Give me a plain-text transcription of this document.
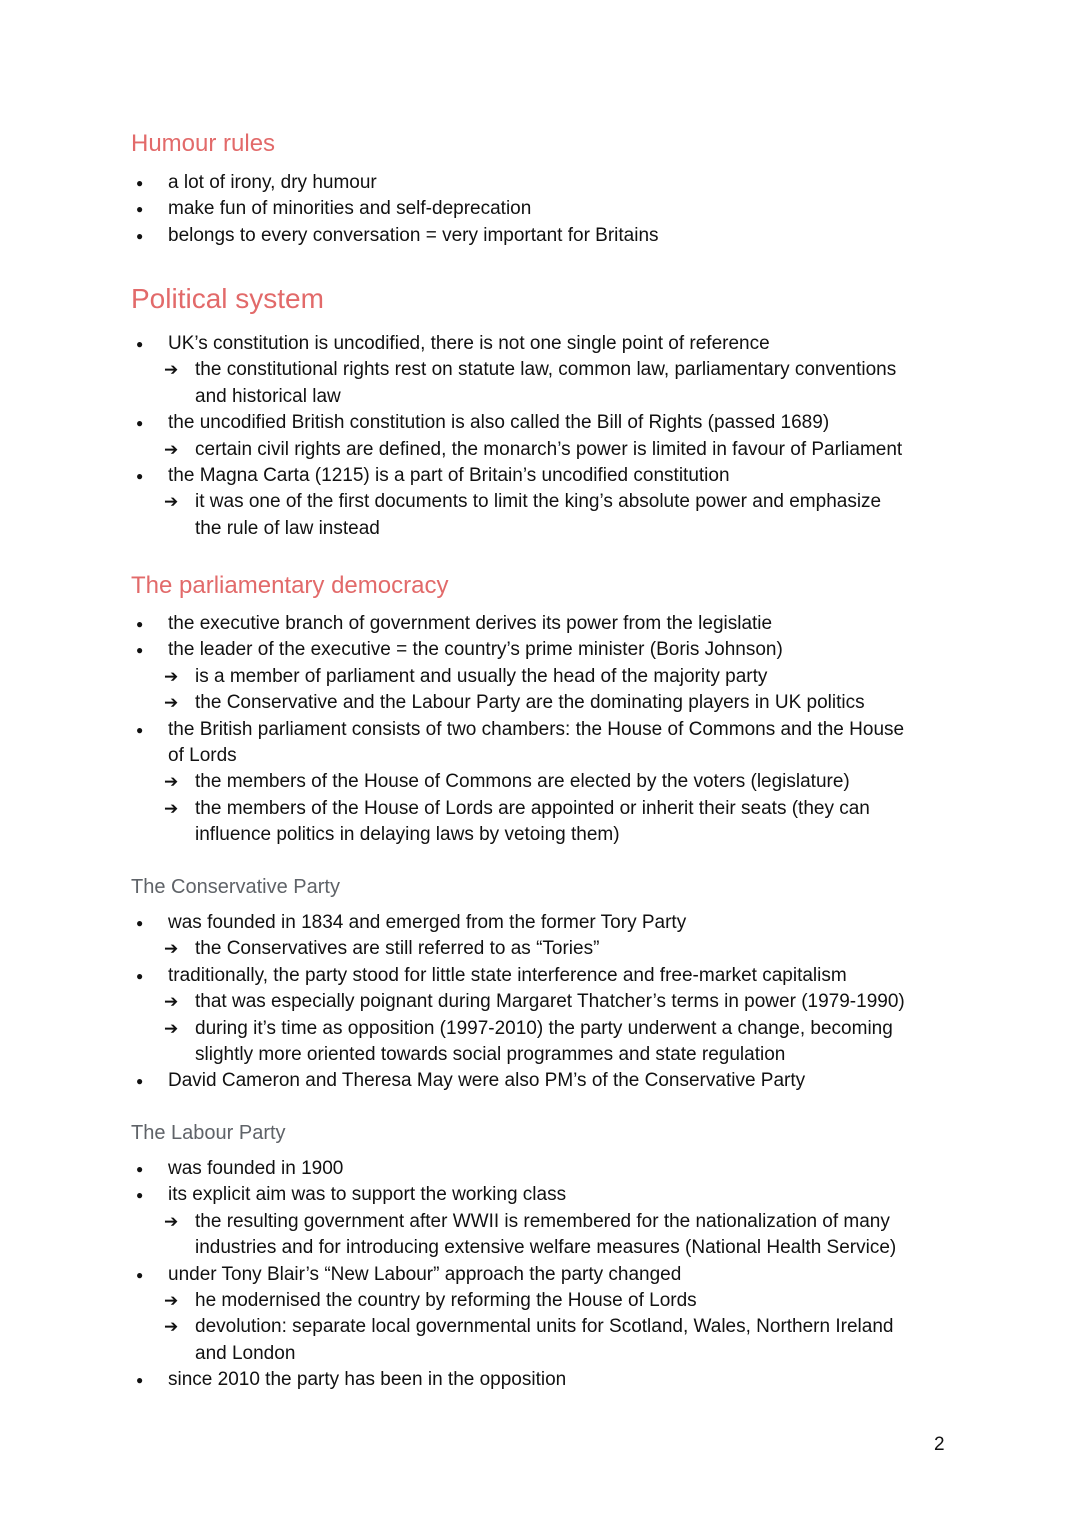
Humour rules
● a lot of irony, dry humour
● make fun of minorities and self-deprecation
● belongs to every conversation = very important for Britains
Political system
● UK’s constitution is uncodified, there is not one single point of reference
➔ the constitutional rights rest on statute law, common law, parliamentary conventions
and historical law
● the uncodified British constitution is also called the Bill of Rights (passed 1689)
➔ certain civil rights are defined, the monarch’s power is limited in favour of Parliament
● the Magna Carta (1215) is a part of Britain’s uncodified constitution
➔ it was one of the first documents to limit the king’s absolute power and emphasize
the rule of law instead
The parliamentary democracy
● the executive branch of government derives its power from the legislatie
● the leader of the executive = the country’s prime minister (Boris Johnson)
➔ is a member of parliament and usually the head of the majority party
➔ the Conservative and the Labour Party are the dominating players in UK politics
● the British parliament consists of two chambers: the House of Commons and the House
of Lords
➔ the members of the House of Commons are elected by the voters (legislature)
➔ the members of the House of Lords are appointed or inherit their seats (they can
influence politics in delaying laws by vetoing them)
The Conservative Party
● was founded in 1834 and emerged from the former Tory Party
➔ the Conservatives are still referred to as “Tories”
● traditionally, the party stood for little state interference and free-market capitalism
➔ that was especially poignant during Margaret Thatcher’s terms in power (1979-1990)
➔ during it’s time as opposition (1997-2010) the party underwent a change, becoming
slightly more oriented towards social programmes and state regulation
● David Cameron and Theresa May were also PM’s of the Conservative Party
The Labour Party
● was founded in 1900
● its explicit aim was to support the working class
➔ the resulting government after WWII is remembered for the nationalization of many
industries and for introducing extensive welfare measures (National Health Service)
● under Tony Blair’s “New Labour” approach the party changed
➔ he modernised the country by reforming the House of Lords
➔ devolution: separate local governmental units for Scotland, Wales, Northern Ireland
and London
● since 2010 the party has been in the opposition
2
